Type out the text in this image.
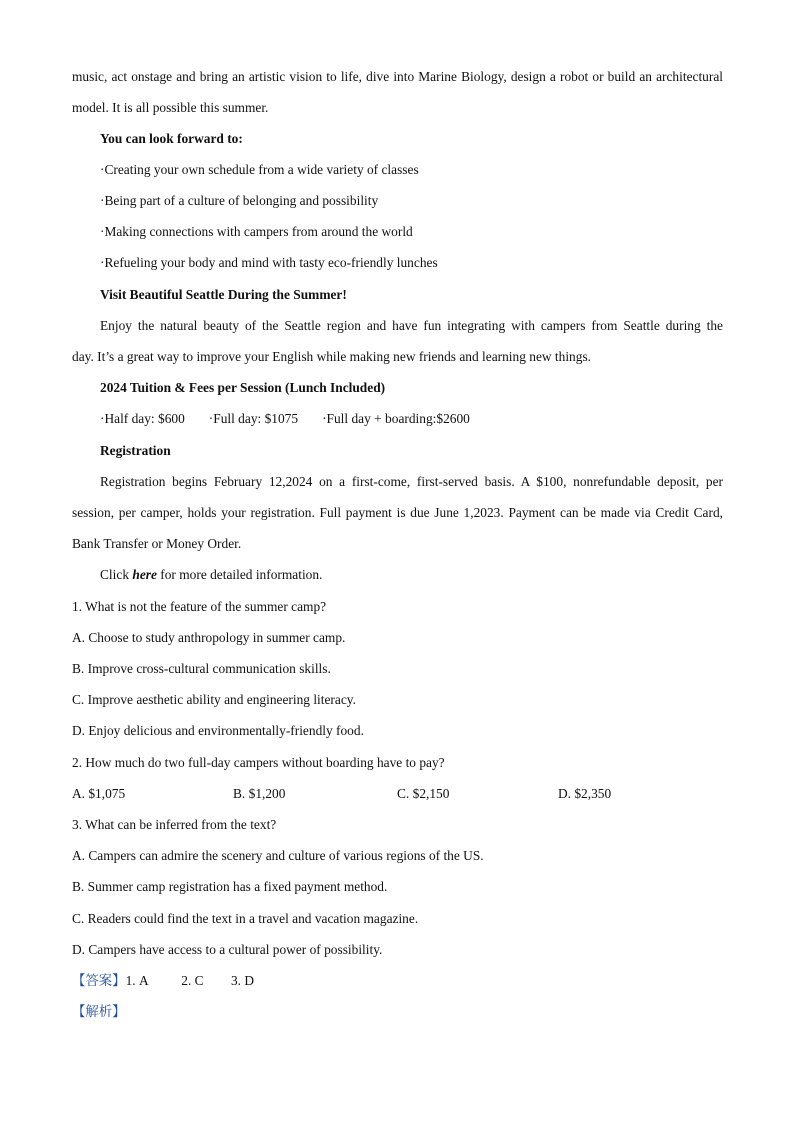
music, act onstage and bring an artistic vision to life, dive into Marine Biology, design a robot or build an architectural
model. It is all possible this summer.
You can look forward to:
·Creating your own schedule from a wide variety of classes
·Being part of a culture of belonging and possibility
·Making connections with campers from around the world
·Refueling your body and mind with tasty eco-friendly lunches
Visit Beautiful Seattle During the Summer!
Enjoy the natural beauty of the Seattle region and have fun integrating with campers from Seattle during the
day. It’s a great way to improve your English while making new friends and learning new things.
2024 Tuition & Fees per Session (Lunch Included)
·Half day: $600 ·Full day: $1075 ·Full day + boarding:$2600
Registration
Registration begins February 12,2024 on a first-come, first-served basis. A $100, nonrefundable deposit, per
session, per camper, holds your registration. Full payment is due June 1,2023. Payment can be made via Credit Card,
Bank Transfer or Money Order.
Click here for more detailed information.
1. What is not the feature of the summer camp?
A. Choose to study anthropology in summer camp.
B. Improve cross-cultural communication skills.
C. Improve aesthetic ability and engineering literacy.
D. Enjoy delicious and environmentally-friendly food.
2. How much do two full-day campers without boarding have to pay?
A. $1,075	B. $1,200	C. $2,150	D. $2,350
3. What can be inferred from the text?
A. Campers can admire the scenery and culture of various regions of the US.
B. Summer camp registration has a fixed payment method.
C. Readers could find the text in a travel and vacation magazine.
D. Campers have access to a cultural power of possibility.
【答案】1. A 2. C 3. D
【解析】
